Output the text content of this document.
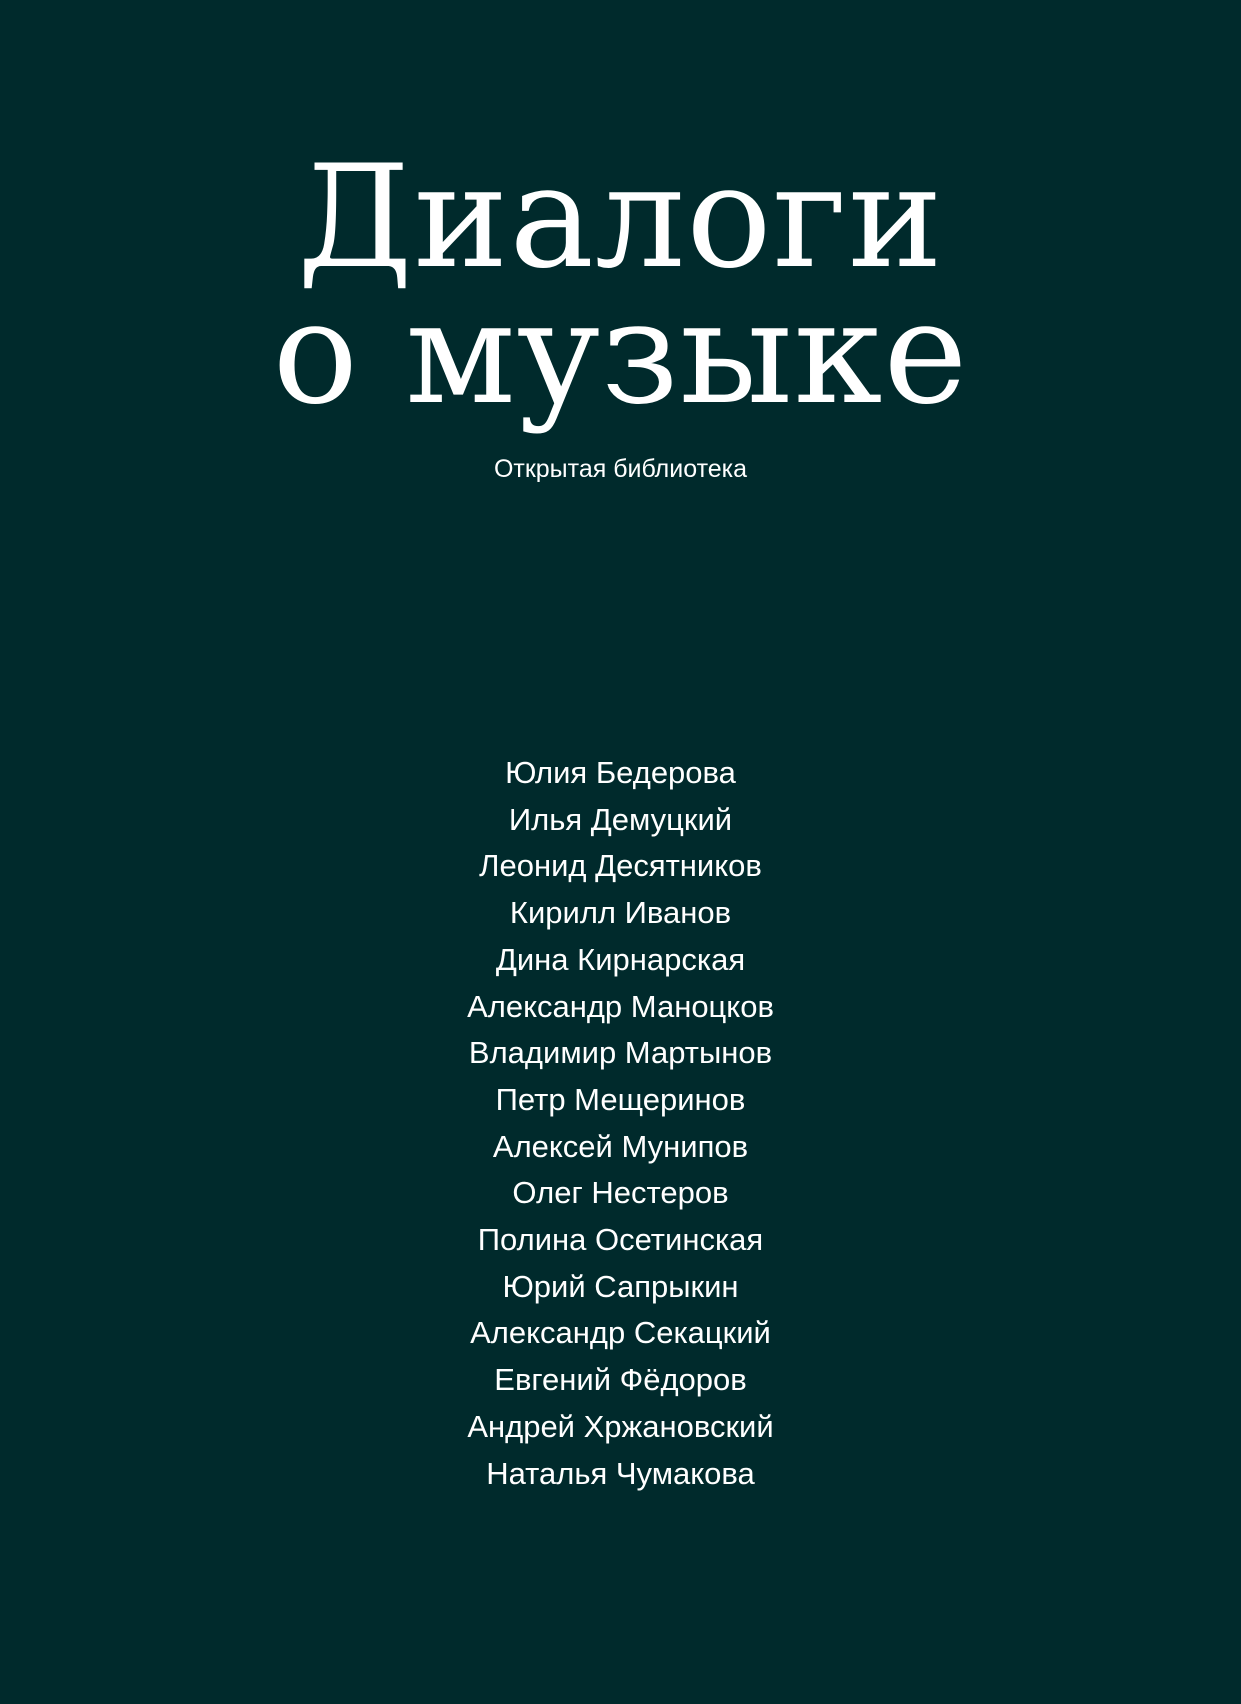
Диалоги
о музыке
Открытая библиотека
Юлия Бедерова
Илья Демуцкий
Леонид Десятников
Кирилл Иванов
Дина Кирнарская
Александр Маноцков
Владимир Мартынов
Петр Мещеринов
Алексей Мунипов
Олег Нестеров
Полина Осетинская
Юрий Сапрыкин
Александр Секацкий
Евгений Фёдоров
Андрей Хржановский
Наталья Чумакова
